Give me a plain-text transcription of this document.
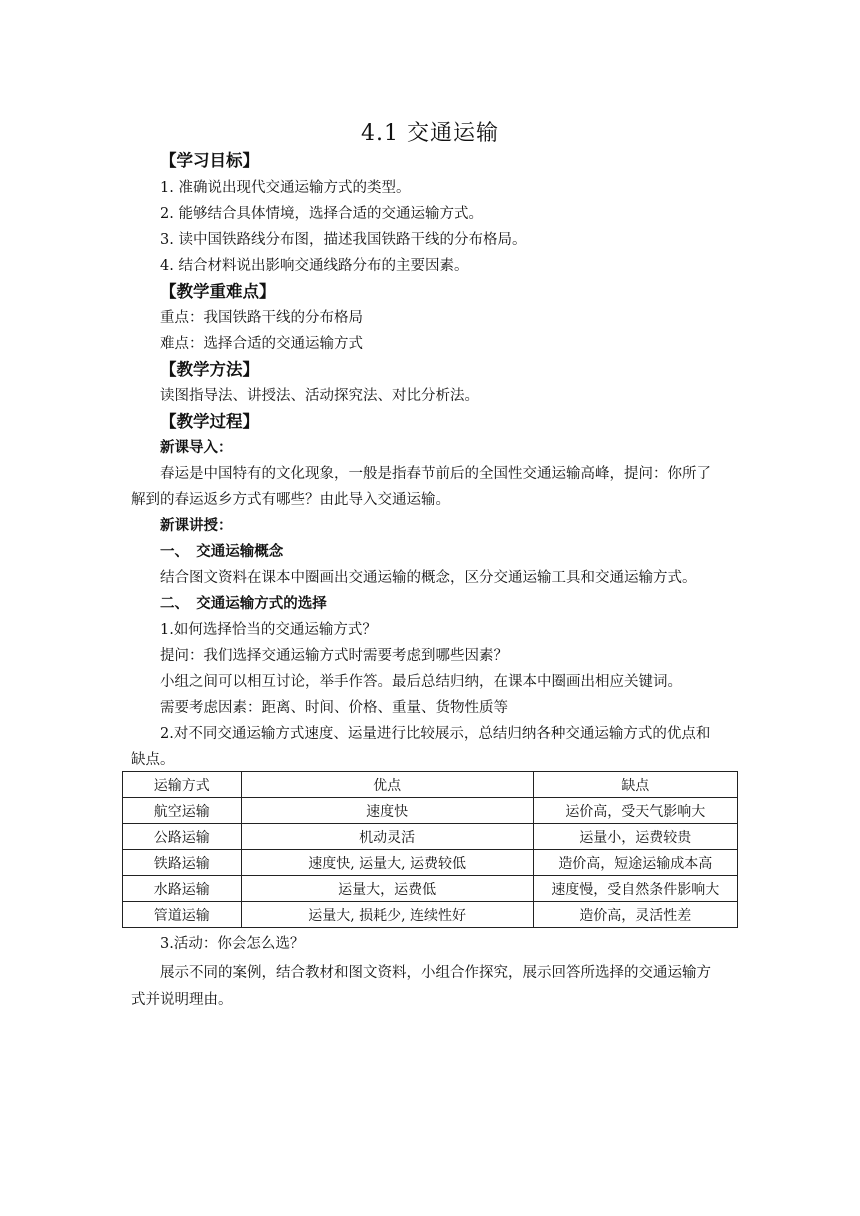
4.1 交通运输
【学习目标】
1. 准确说出现代交通运输方式的类型。
2. 能够结合具体情境，选择合适的交通运输方式。
3. 读中国铁路线分布图，描述我国铁路干线的分布格局。
4. 结合材料说出影响交通线路分布的主要因素。
【教学重难点】
重点：我国铁路干线的分布格局
难点：选择合适的交通运输方式
【教学方法】
读图指导法、讲授法、活动探究法、对比分析法。
【教学过程】
新课导入：
春运是中国特有的文化现象，一般是指春节前后的全国性交通运输高峰，提问：你所了
解到的春运返乡方式有哪些？由此导入交通运输。
新课讲授：
一、　交通运输概念
结合图文资料在课本中圈画出交通运输的概念，区分交通运输工具和交通运输方式。
二、　交通运输方式的选择
1.如何选择恰当的交通运输方式？
提问：我们选择交通运输方式时需要考虑到哪些因素？
小组之间可以相互讨论，举手作答。最后总结归纳，在课本中圈画出相应关键词。
需要考虑因素：距离、时间、价格、重量、货物性质等
2.对不同交通运输方式速度、运量进行比较展示，总结归纳各种交通运输方式的优点和
缺点。
运输方式	优点	缺点
航空运输	速度快	运价高，受天气影响大
公路运输	机动灵活	运量小，运费较贵
铁路运输	速度快, 运量大, 运费较低	造价高，短途运输成本高
水路运输	运量大，运费低	速度慢，受自然条件影响大
管道运输	运量大, 损耗少, 连续性好	造价高，灵活性差
3.活动：你会怎么选？
展示不同的案例，结合教材和图文资料，小组合作探究，展示回答所选择的交通运输方
式并说明理由。
